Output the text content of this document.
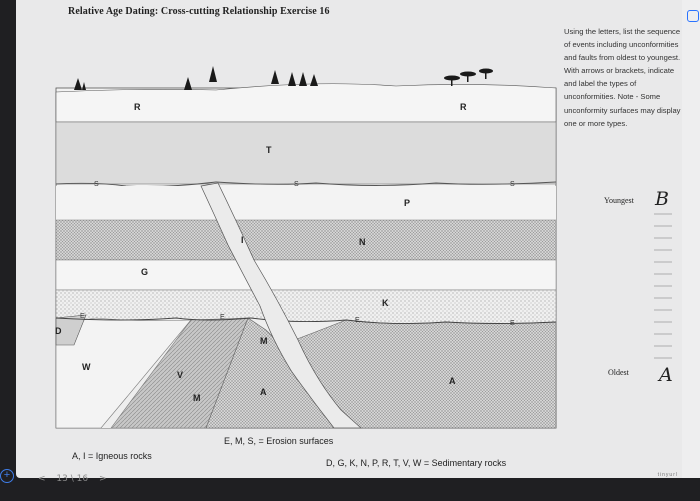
Relative Age Dating: Cross-cutting Relationship Exercise 16
R	R
T
P
N
G
K
D
W
V
A
A
I
M
M
S	S	S
E	E	E	E
Using the letters, list the sequence of events including unconformities and faults from oldest to youngest. With arrows or brackets, indicate and label the types of unconformities. Note - Some unconformity surfaces may display one or more types.
A, I = Igneous rocks
E, M, S, = Erosion surfaces
D, G, K, N, P, R, T, V, W = Sedimentary rocks
Youngest
Oldest
B
A
+	< 13 \ 16 >	tinyurl
